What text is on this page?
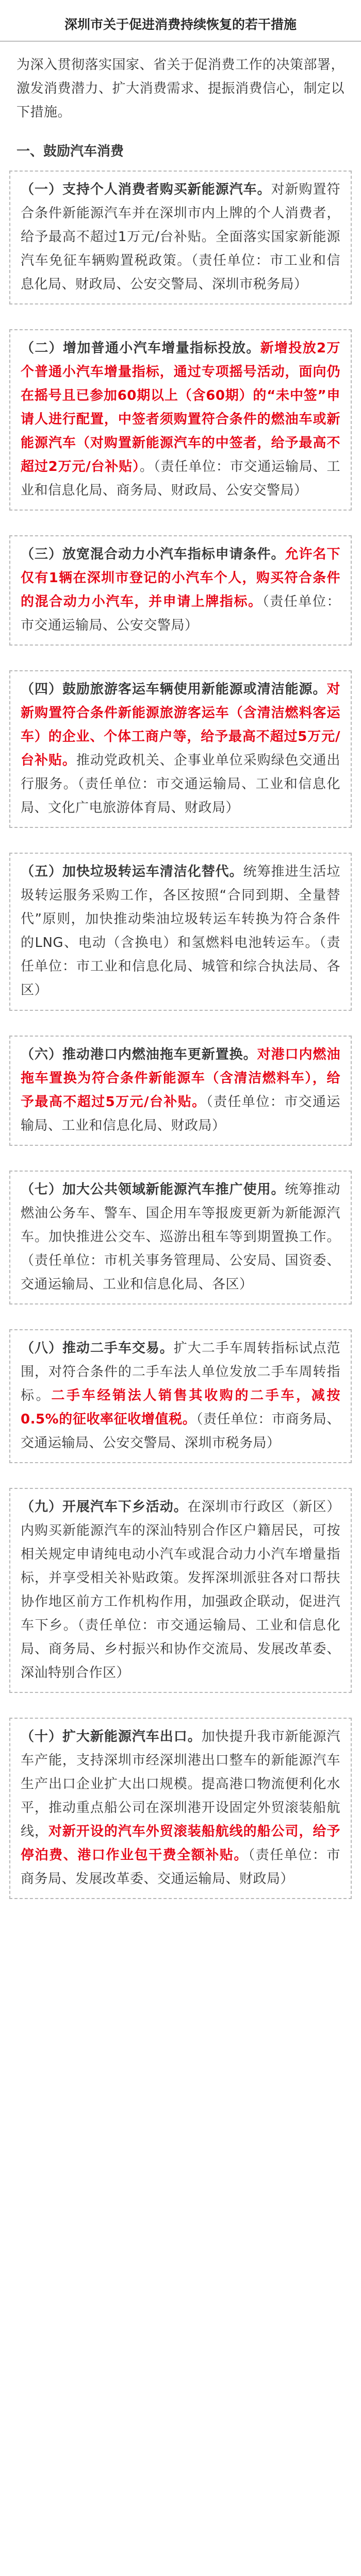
深圳市关于促进消费持续恢复的若干措施

为深入贯彻落实国家、省关于促消费工作的决策部署，激发消费潜力、扩大消费需求、提振消费信心，制定以下措施。

一、鼓励汽车消费

（一）支持个人消费者购买新能源汽车。对新购置符合条件新能源汽车并在深圳市内上牌的个人消费者，给予最高不超过1万元/台补贴。全面落实国家新能源汽车免征车辆购置税政策。（责任单位：市工业和信息化局、财政局、公安交警局、深圳市税务局）

（二）增加普通小汽车增量指标投放。新增投放2万个普通小汽车增量指标，通过专项摇号活动，面向仍在摇号且已参加60期以上（含60期）的“未中签”申请人进行配置，中签者须购置符合条件的燃油车或新能源汽车（对购置新能源汽车的中签者，给予最高不超过2万元/台补贴）。（责任单位：市交通运输局、工业和信息化局、商务局、财政局、公安交警局）

（三）放宽混合动力小汽车指标申请条件。允许名下仅有1辆在深圳市登记的小汽车个人，购买符合条件的混合动力小汽车，并申请上牌指标。（责任单位：市交通运输局、公安交警局）

（四）鼓励旅游客运车辆使用新能源或清洁能源。对新购置符合条件新能源旅游客运车（含清洁燃料客运车）的企业、个体工商户等，给予最高不超过5万元/台补贴。推动党政机关、企事业单位采购绿色交通出行服务。（责任单位：市交通运输局、工业和信息化局、文化广电旅游体育局、财政局）

（五）加快垃圾转运车清洁化替代。统筹推进生活垃圾转运服务采购工作，各区按照“合同到期、全量替代”原则，加快推动柴油垃圾转运车转换为符合条件的LNG、电动（含换电）和氢燃料电池转运车。（责任单位：市工业和信息化局、城管和综合执法局、各区）

（六）推动港口内燃油拖车更新置换。对港口内燃油拖车置换为符合条件新能源车（含清洁燃料车），给予最高不超过5万元/台补贴。（责任单位：市交通运输局、工业和信息化局、财政局）

（七）加大公共领域新能源汽车推广使用。统筹推动燃油公务车、警车、国企用车等报废更新为新能源汽车。加快推进公交车、巡游出租车等到期置换工作。（责任单位：市机关事务管理局、公安局、国资委、交通运输局、工业和信息化局、各区）

（八）推动二手车交易。扩大二手车周转指标试点范围，对符合条件的二手车法人单位发放二手车周转指标。二手车经销法人销售其收购的二手车，减按0.5%的征收率征收增值税。（责任单位：市商务局、交通运输局、公安交警局、深圳市税务局）

（九）开展汽车下乡活动。在深圳市行政区（新区）内购买新能源汽车的深汕特别合作区户籍居民，可按相关规定申请纯电动小汽车或混合动力小汽车增量指标，并享受相关补贴政策。发挥深圳派驻各对口帮扶协作地区前方工作机构作用，加强政企联动，促进汽车下乡。（责任单位：市交通运输局、工业和信息化局、商务局、乡村振兴和协作交流局、发展改革委、深汕特别合作区）

（十）扩大新能源汽车出口。加快提升我市新能源汽车产能，支持深圳市经深圳港出口整车的新能源汽车生产出口企业扩大出口规模。提高港口物流便利化水平，推动重点船公司在深圳港开设固定外贸滚装船航线，对新开设的汽车外贸滚装船航线的船公司，给予停泊费、港口作业包干费全额补贴。（责任单位：市商务局、发展改革委、交通运输局、财政局）
